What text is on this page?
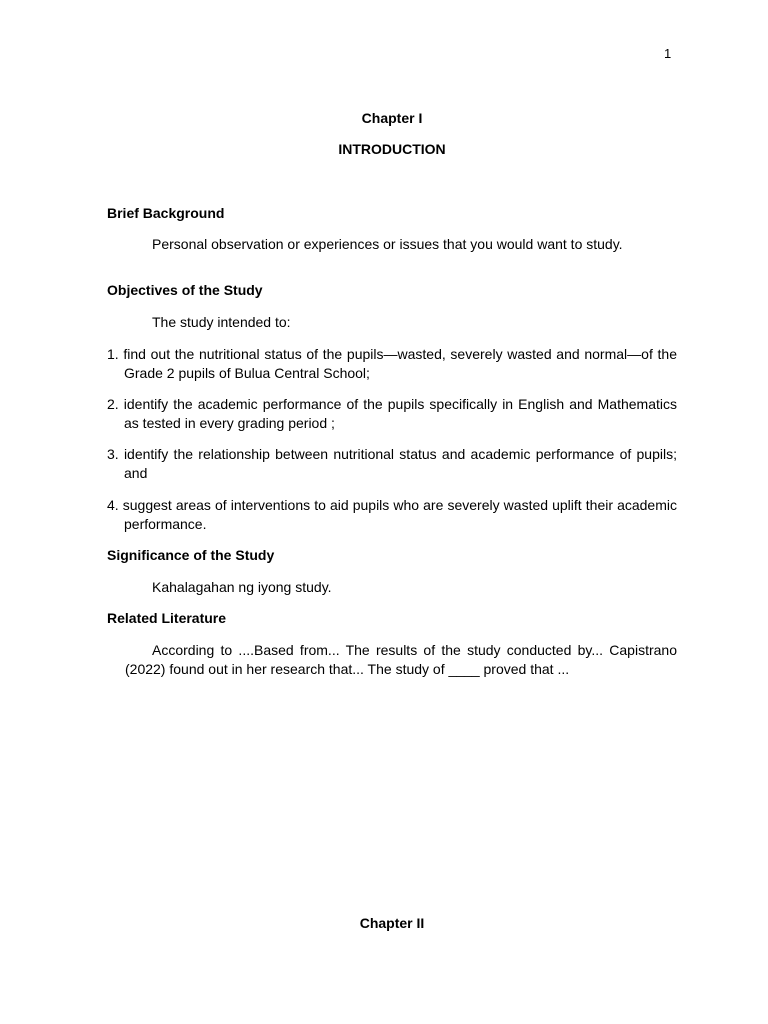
1
Chapter I
INTRODUCTION
Brief Background

Personal observation or experiences or issues that you would want to study.

Objectives of the Study

The study intended to:

1. find out the nutritional status of the pupils—wasted, severely wasted and normal—of the Grade 2 pupils of Bulua Central School;

2. identify the academic performance of the pupils specifically in English and Mathematics as tested in every grading period ;

3. identify the relationship between nutritional status and academic performance of pupils; and

4. suggest areas of interventions to aid pupils who are severely wasted uplift their academic performance.

Significance of the Study

Kahalagahan ng iyong study.

Related Literature

According to ....Based from... The results of the study conducted by... Capistrano (2022) found out in her research that... The study of ____ proved that ...

Chapter II
